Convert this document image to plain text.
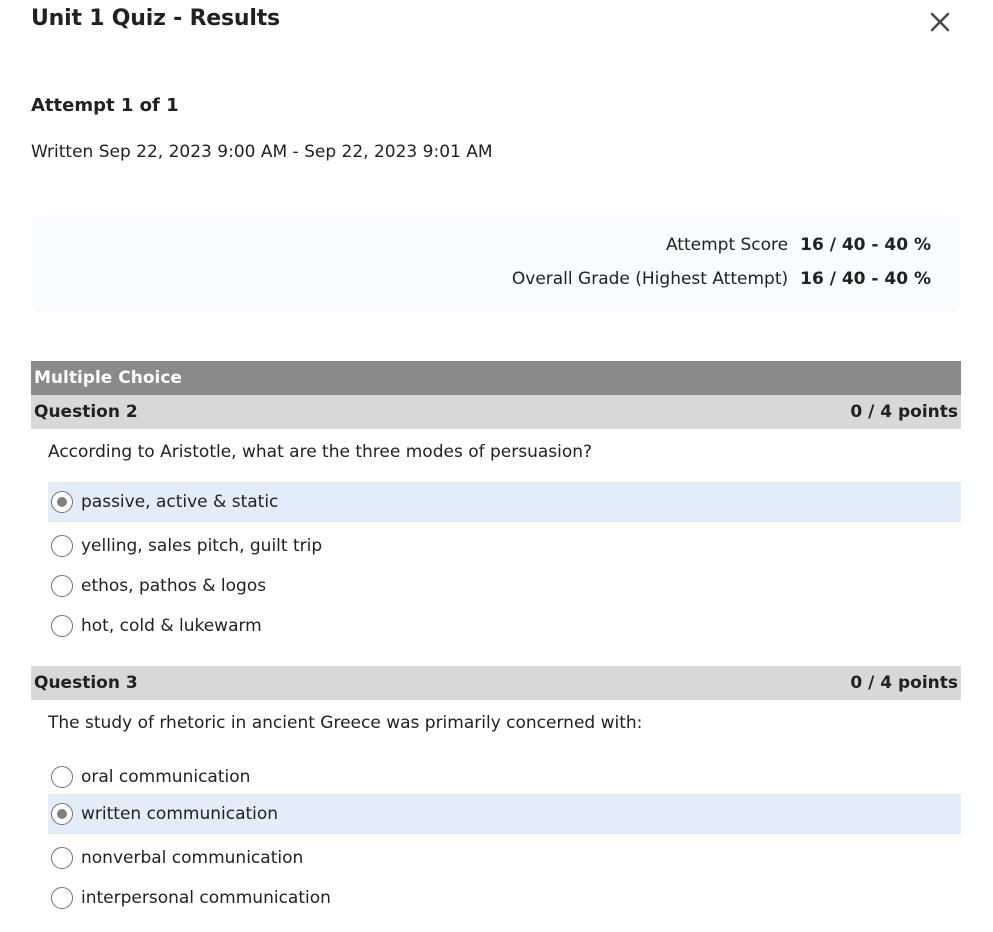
Unit 1 Quiz - Results
Attempt 1 of 1
Written Sep 22, 2023 9:00 AM - Sep 22, 2023 9:01 AM
Attempt Score 16 / 40 - 40 %
Overall Grade (Highest Attempt) 16 / 40 - 40 %
Multiple Choice
Question 2	0 / 4 points
According to Aristotle, what are the three modes of persuasion?
passive, active & static
yelling, sales pitch, guilt trip
ethos, pathos & logos
hot, cold & lukewarm
Question 3	0 / 4 points
The study of rhetoric in ancient Greece was primarily concerned with:
oral communication
written communication
nonverbal communication
interpersonal communication
